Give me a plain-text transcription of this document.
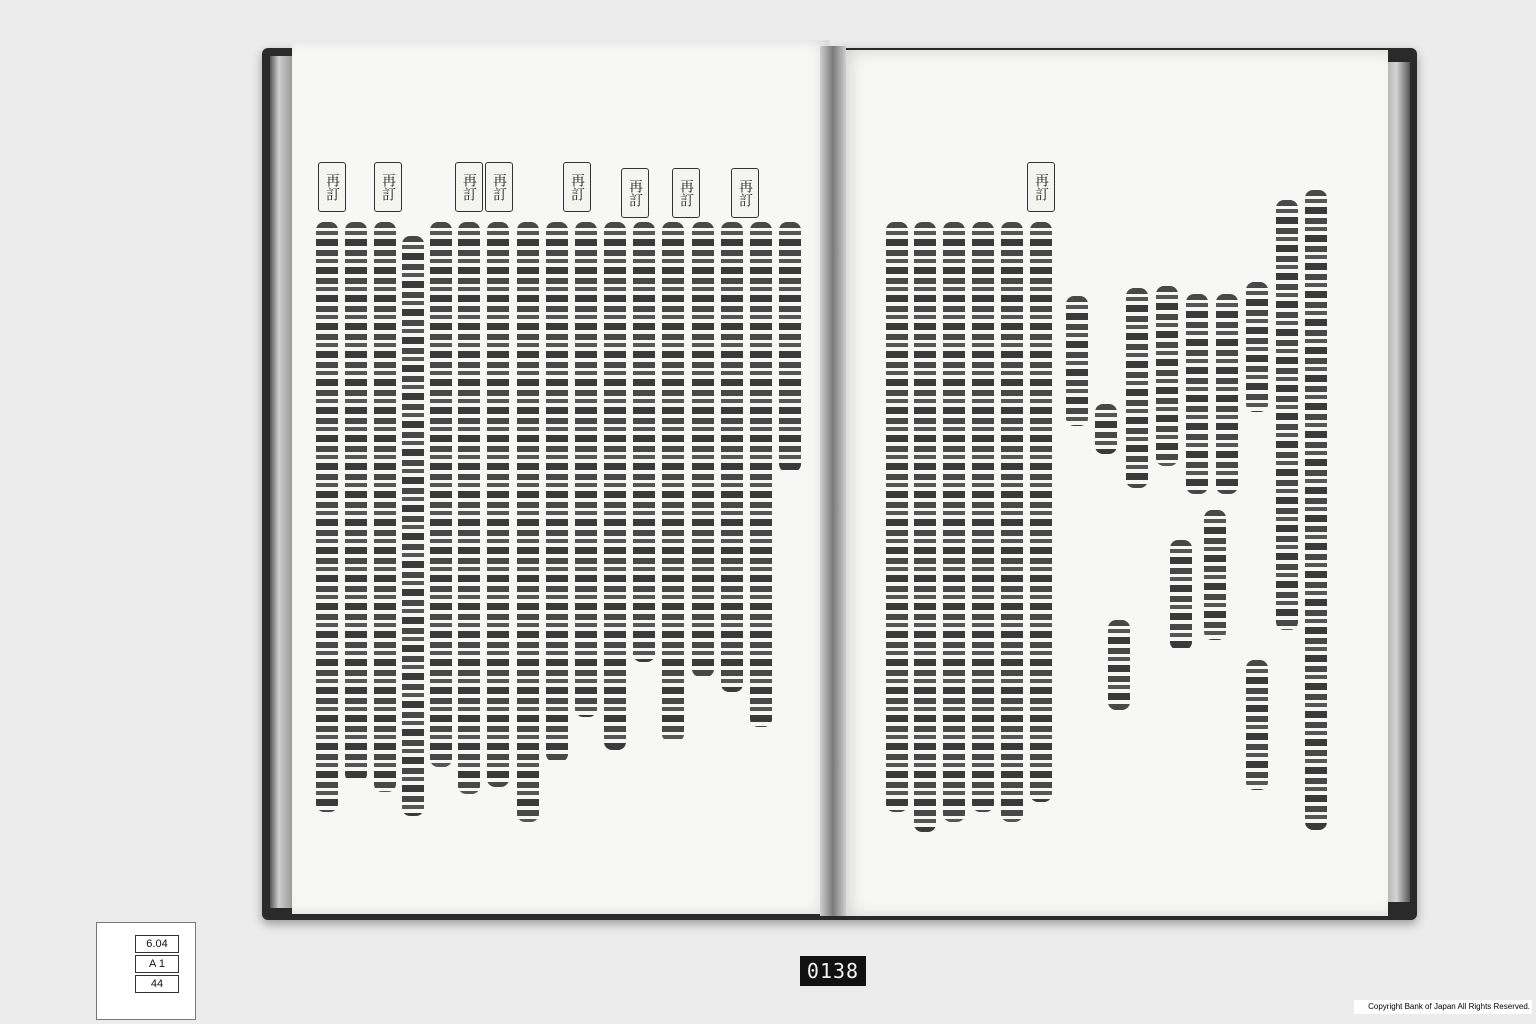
再訂	再訂	再訂	再訂	再訂	再訂	再訂	再訂	再訂
6.04
A 1
44
0138
Copyright Bank of Japan All Rights Reserved.
